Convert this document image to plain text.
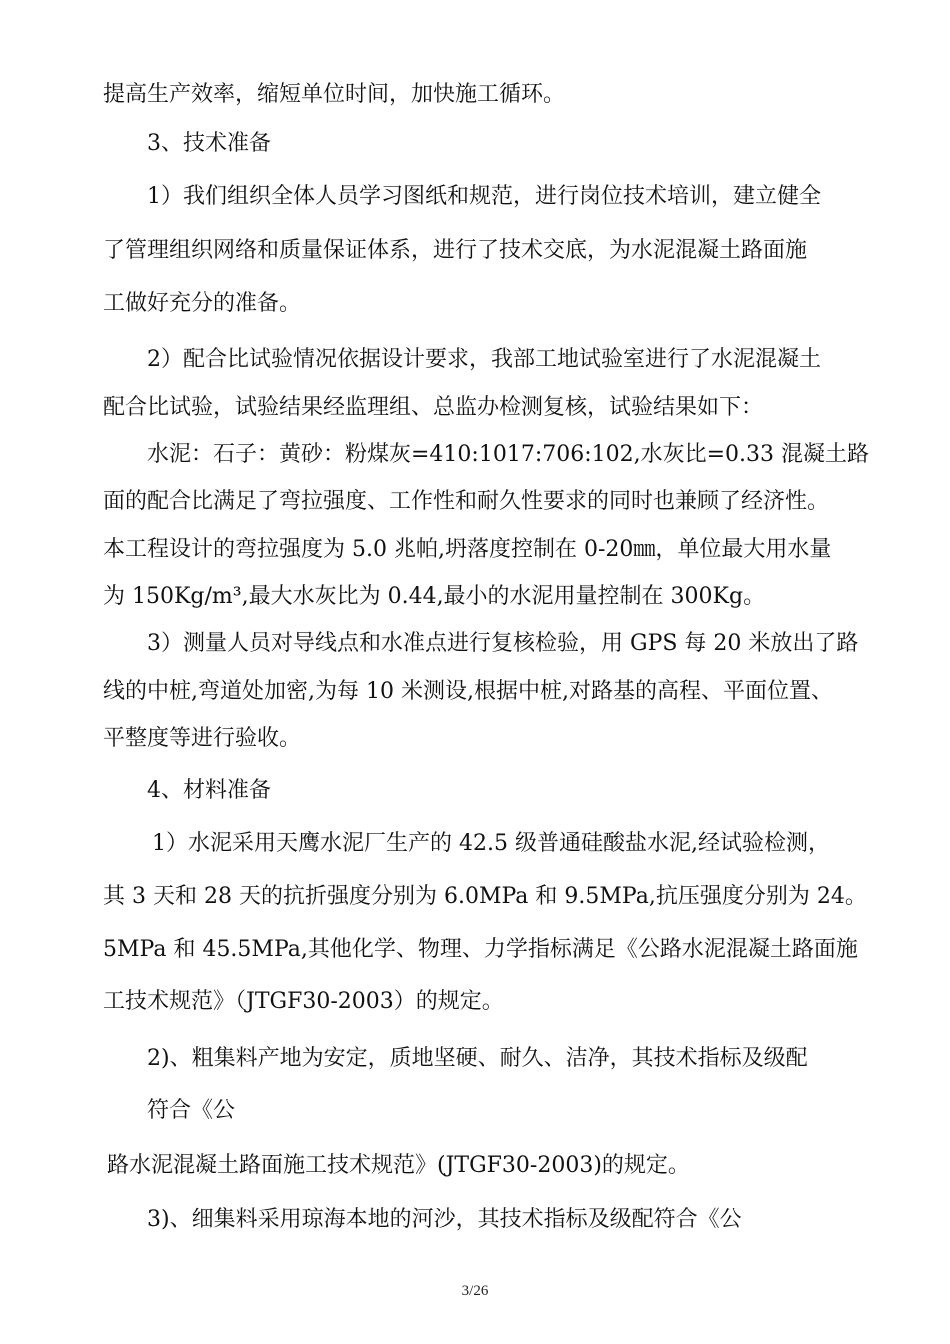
提高生产效率，缩短单位时间，加快施工循环。
3、技术准备
1）我们组织全体人员学习图纸和规范，进行岗位技术培训，建立健全
了管理组织网络和质量保证体系，进行了技术交底，为水泥混凝土路面施
工做好充分的准备。
2）配合比试验情况依据设计要求，我部工地试验室进行了水泥混凝土
配合比试验，试验结果经监理组、总监办检测复核，试验结果如下：
水泥：石子：黄砂：粉煤灰=410:1017:706:102,水灰比=0.33 混凝土路
面的配合比满足了弯拉强度、工作性和耐久性要求的同时也兼顾了经济性。
本工程设计的弯拉强度为 5.0 兆帕,坍落度控制在 0-20㎜，单位最大用水量
为 150Kg/m³,最大水灰比为 0.44,最小的水泥用量控制在 300Kg。
3）测量人员对导线点和水准点进行复核检验，用 GPS 每 20 米放出了路
线的中桩,弯道处加密,为每 10 米测设,根据中桩,对路基的高程、平面位置、
平整度等进行验收。
4、材料准备
1）水泥采用天鹰水泥厂生产的 42.5 级普通硅酸盐水泥,经试验检测，
其 3 天和 28 天的抗折强度分别为 6.0MPa 和 9.5MPa,抗压强度分别为 24。
5MPa 和 45.5MPa,其他化学、物理、力学指标满足《公路水泥混凝土路面施
工技术规范》（JTGF30-2003）的规定。
2)、粗集料产地为安定，质地坚硬、耐久、洁净，其技术指标及级配
符合《公
路水泥混凝土路面施工技术规范》(JTGF30-2003)的规定。
3)、细集料采用琼海本地的河沙，其技术指标及级配符合《公
3/26
